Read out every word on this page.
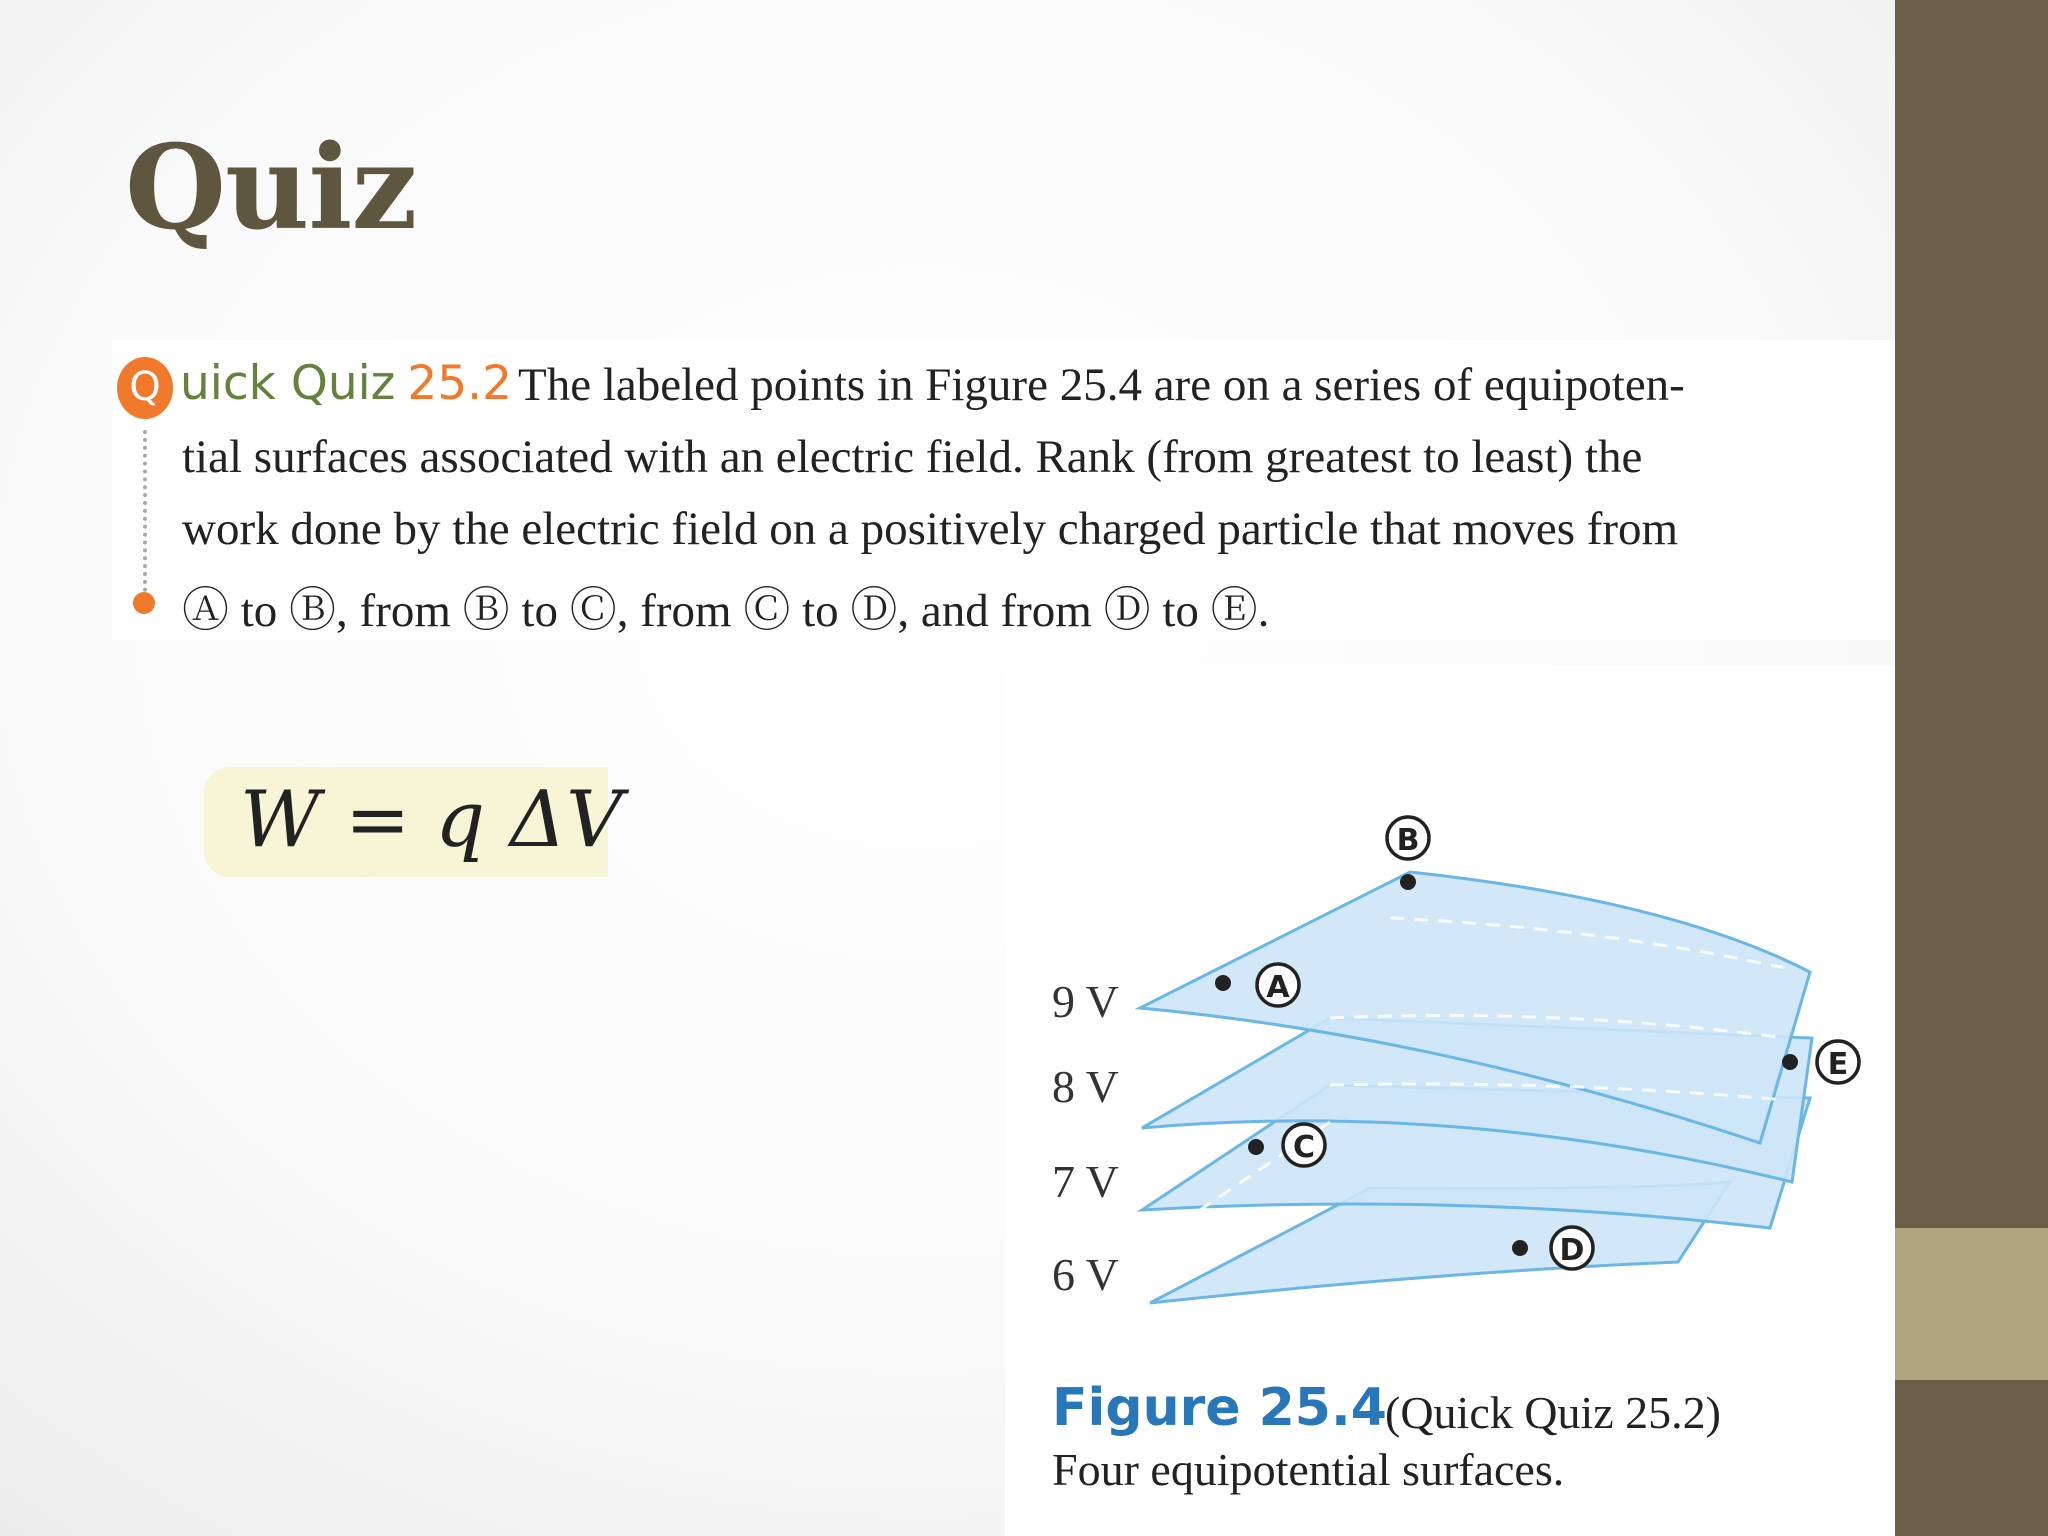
Quiz
Q uick Quiz 25.2 The labeled points in Figure 25.4 are on a series of equipoten-

tial surfaces associated with an electric field. Rank (from greatest to least) the

work done by the electric field on a positively charged particle that moves from

Ⓐ to Ⓑ, from Ⓑ to Ⓒ, from Ⓒ to Ⓓ, and from Ⓓ to Ⓔ.

W = q ΔV
9 V
8 V
7 V
6 V
A
B
C
D
E
Figure 25.4
(Quick Quiz 25.2)
Four equipotential surfaces.
